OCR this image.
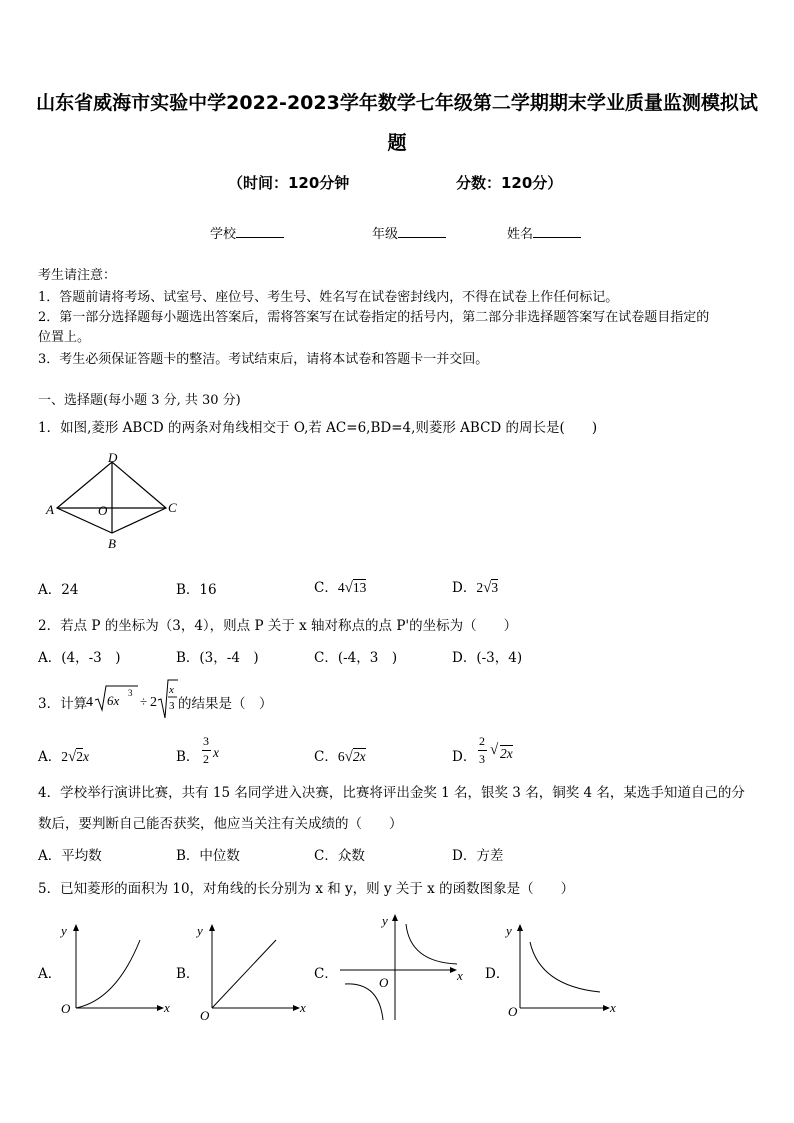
山东省威海市实验中学2022-2023学年数学七年级第二学期期末学业质量监测模拟试
题
（时间：120分钟	分数：120分）
学校	年级	姓名
考生请注意：
1．答题前请将考场、试室号、座位号、考生号、姓名写在试卷密封线内，不得在试卷上作任何标记。
2．第一部分选择题每小题选出答案后，需将答案写在试卷指定的括号内，第二部分非选择题答案写在试卷题目指定的
位置上。
3．考生必须保证答题卡的整洁。考试结束后，请将本试卷和答题卡一并交回。
一、选择题(每小题 3 分, 共 30 分)
1．如图,菱形 ABCD 的两条对角线相交于 O,若 AC=6,BD=4,则菱形 ABCD 的周长是(　　)
D
A	C
O
B
A．24	B．16	C．4√13	D．2√3
2．若点 P 的坐标为（3，4），则点 P 关于 x 轴对称点的点 P'的坐标为（　　）
A．(4，-3　)	B．(3，-4　)	C．(-4，3　)	D．(-3，4)
3．计算
4 6x 3
÷ 2
x
3 的结果是（　）
A．2√2x	B．
3
2 x	C．6√2x	D．
2
3
√ 2x
4．学校举行演讲比赛，共有 15 名同学进入决赛，比赛将评出金奖 1 名，银奖 3 名，铜奖 4 名，某选手知道自己的分
数后，要判断自己能否获奖，他应当关注有关成绩的（　　）
A．平均数	B．中位数	C．众数	D．方差
5．已知菱形的面积为 10，对角线的长分别为 x 和 y，则 y 关于 x 的函数图象是（　　）
A．
y
x
O
B．
y
x
O
C．
y
x
O
D．
y
x
O
